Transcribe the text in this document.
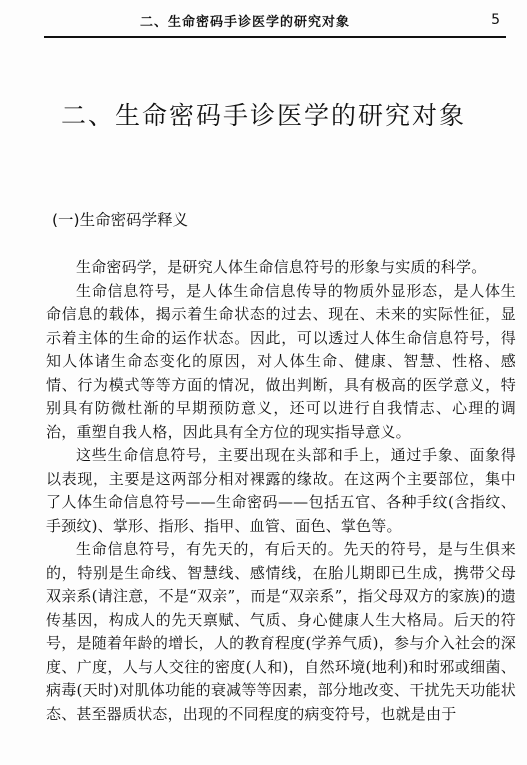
二、生命密码手诊医学的研究对象	5
二、生命密码手诊医学的研究对象
(一)生命密码学释义

生命密码学，是研究人体生命信息符号的形象与实质的科学。

生命信息符号，是人体生命信息传导的物质外显形态，是人体生命信息的载体，揭示着生命状态的过去、现在、未来的实际性征，显示着主体的生命的运作状态。因此，可以透过人体生命信息符号，得知人体诸生命态变化的原因，对人体生命、健康、智慧、性格、感情、行为模式等等方面的情况，做出判断，具有极高的医学意义，特别具有防微杜渐的早期预防意义，还可以进行自我情志、心理的调治，重塑自我人格，因此具有全方位的现实指导意义。

这些生命信息符号，主要出现在头部和手上，通过手象、面象得以表现，主要是这两部分相对裸露的缘故。在这两个主要部位，集中了人体生命信息符号——生命密码——包括五官、各种手纹(含指纹、手颈纹)、掌形、指形、指甲、血管、面色、掌色等。

生命信息符号，有先天的，有后天的。先天的符号，是与生俱来的，特别是生命线、智慧线、感情线，在胎儿期即已生成，携带父母双亲系(请注意，不是“双亲”，而是“双亲系”，指父母双方的家族)的遗传基因，构成人的先天禀赋、气质、身心健康人生大格局。后天的符号，是随着年龄的增长，人的教育程度(学养气质)，参与介入社会的深度、广度，人与人交往的密度(人和)，自然环境(地利)和时邪或细菌、病毒(天时)对肌体功能的衰减等等因素，部分地改变、干扰先天功能状态、甚至器质状态，出现的不同程度的病变符号，也就是由于
